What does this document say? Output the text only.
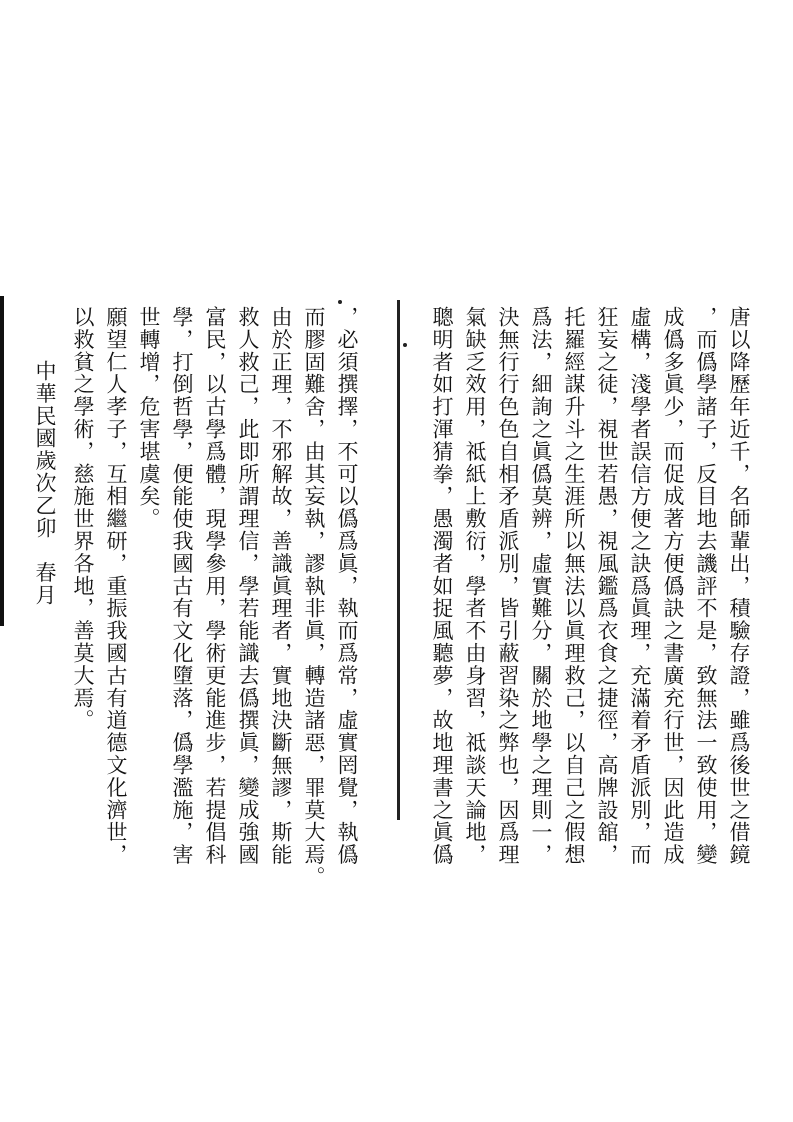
唐以降歷年近千，名師輩出，積驗存證，雖爲後世之借鏡
，而僞學諸子，反目地去譏評不是，致無法一致使用，變
成僞多眞少，而促成著方便僞訣之書廣充行世，因此造成
虛構，淺學者誤信方便之訣爲眞理，充滿着矛盾派別，而
狂妄之徒，視世若愚，視風鑑爲衣食之捷徑，高牌設舘，
托羅經謀升斗之生涯所以無法以眞理救己，以自己之假想
爲法，細詢之眞僞莫辨，虛實難分，關於地學之理則一，
決無行行色色自相矛盾派別，皆引蔽習染之弊也，因爲理
氣缺乏效用，祗紙上敷衍，學者不由身習，祗談天論地，
聰明者如打渾猜拳，愚濁者如捉風聽夢，故地理書之眞僞
，必須撰擇，不可以僞爲眞，執而爲常，虛實罔覺，執僞
而膠固難舍，由其妄執，謬執非眞，轉造諸惡，罪莫大焉。
由於正理，不邪解故，善識眞理者，實地決斷無謬，斯能
救人救己，此即所謂理信，學若能識去僞撰眞，變成強國
富民，以古學爲體，現學參用，學術更能進步，若提倡科
學，打倒哲學，便能使我國古有文化墮落，僞學濫施，害
世轉增，危害堪虞矣。
願望仁人孝子，互相繼研，重振我國古有道德文化濟世，
以救貧之學術，慈施世界各地，善莫大焉。
中華民國歲次乙卯　春月
